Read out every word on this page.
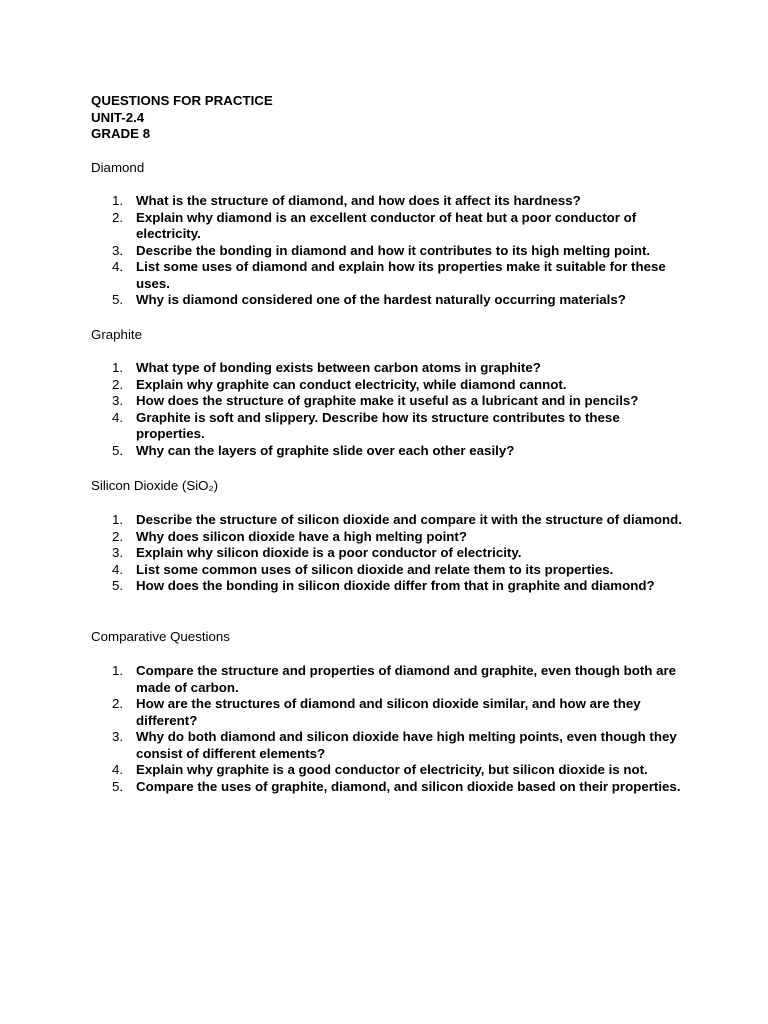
QUESTIONS FOR PRACTICE
UNIT-2.4
GRADE 8
Diamond
1. What is the structure of diamond, and how does it affect its hardness?
2. Explain why diamond is an excellent conductor of heat but a poor conductor of electricity.
3. Describe the bonding in diamond and how it contributes to its high melting point.
4. List some uses of diamond and explain how its properties make it suitable for these uses.
5. Why is diamond considered one of the hardest naturally occurring materials?
Graphite
1. What type of bonding exists between carbon atoms in graphite?
2. Explain why graphite can conduct electricity, while diamond cannot.
3. How does the structure of graphite make it useful as a lubricant and in pencils?
4. Graphite is soft and slippery. Describe how its structure contributes to these properties.
5. Why can the layers of graphite slide over each other easily?
Silicon Dioxide (SiO₂)
1. Describe the structure of silicon dioxide and compare it with the structure of diamond.
2. Why does silicon dioxide have a high melting point?
3. Explain why silicon dioxide is a poor conductor of electricity.
4. List some common uses of silicon dioxide and relate them to its properties.
5. How does the bonding in silicon dioxide differ from that in graphite and diamond?
Comparative Questions
1. Compare the structure and properties of diamond and graphite, even though both are made of carbon.
2. How are the structures of diamond and silicon dioxide similar, and how are they different?
3. Why do both diamond and silicon dioxide have high melting points, even though they consist of different elements?
4. Explain why graphite is a good conductor of electricity, but silicon dioxide is not.
5. Compare the uses of graphite, diamond, and silicon dioxide based on their properties.
